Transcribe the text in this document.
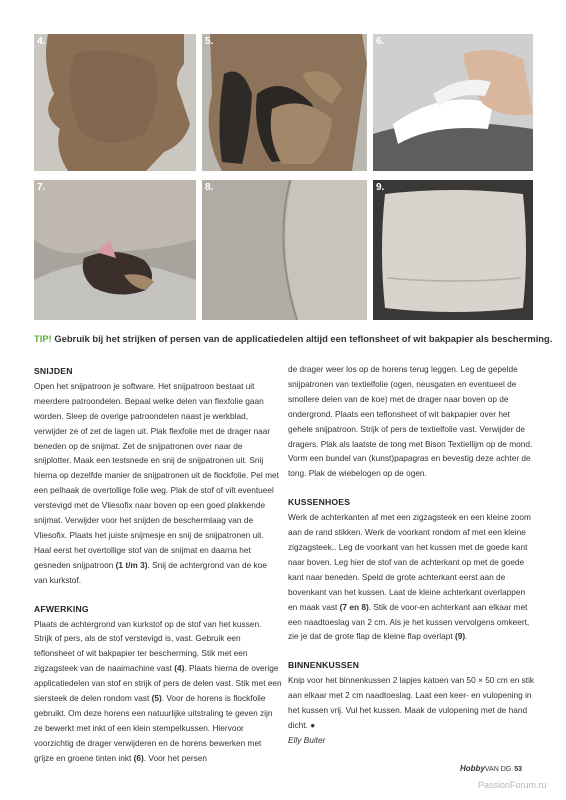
4.	5.	6.
7.	8.	9.
TIP! Gebruik bij het strijken of persen van de applicatiedelen altijd een teflonsheet of wit bakpapier als bescherming.
SNIJDEN

Open het snijpatroon je software. Het snijpatroon bestaat uit meerdere patroondelen. Bepaal welke delen van flexfolie gaan worden. Sleep de overige patroondelen naast je werkblad, verwijder ze of zet de lagen uit. Plak flexfolie met de drager naar beneden op de snijmat. Zet de snijpatronen over naar de snijplotter. Maak een testsnede en snij de snijpatronen uit. Snij hierna op dezelfde manier de snijpatronen uit de flockfolie. Pel met een pelhaak de overtollige folie weg. Plak de stof of vilt eventueel verstevigd met de Vliesofix naar boven op een goed plakkende snijmat. Verwijder voor het snijden de beschermlaag van de Vliesofix. Plaats het juiste snijmesje en snij de snijpatronen uit. Haal eerst het overtollige stof van de snijmat en daarna het gesneden snijpatroon (1 t/m 3). Snij de achtergrond van de koe van kurkstof.

AFWERKING

Plaats de achtergrond van kurkstof op de stof van het kussen. Strijk of pers, als de stof verstevigd is, vast. Gebruik een teflonsheet of wit bakpapier ter bescherming. Stik met een zigzagsteek van de naaimachine vast (4). Plaats hierna de overige applicatiedelen van stof en strijk of pers de delen vast. Stik met een siersteek de delen rondom vast (5). Voor de horens is flockfolie gebruikt. Om deze horens een natuurlijke uitstraling te geven zijn ze bewerkt met inkt of een klein stempelkussen. Hiervoor voorzichtig de drager verwijderen en de horens bewerken met grijze en groene tinten inkt (6). Voor het persen

de drager weer los op de horens terug leggen. Leg de gepelde snijpatronen van textielfolie (ogen, neusgaten en eventueel de smollere delen van de koe) met de drager naar boven op de ondergrond. Plaats een teflonsheet of wit bakpapier over het gehele snijpatroon. Strijk of pers de textielfolie vast. Verwijder de dragers. Plak als laatste de tong met Bison Textiellijm op de mond. Vorm een bundel van (kunst)papagras en bevestig deze achter de tong. Plak de wiebelogen op de ogen.

KUSSENHOES

Werk de achterkanten af met een zigzagsteek en een kleine zoom aan de rand stikken. Werk de voorkant rondom af met een kleine zigzagsteek.. Leg de voorkant van het kussen met de goede kant naar boven. Leg hier de stof van de achterkant op met de goede kant naar beneden. Speld de grote achterkant eerst aan de bovenkant van het kussen. Laat de kleine achterkant overlappen en maak vast (7 en 8). Stik de voor-en achterkant aan elkaar met een naadtoeslag van 2 cm. Als je het kussen vervolgens omkeert, zie je dat de grote flap de kleine flap overlapt (9).

BINNENKUSSEN

Knip voor het binnenkussen 2 lapjes katoen van 50 × 50 cm en stik aan elkaar met 2 cm naadtoeslag. Laat een keer- en vulopening in het kussen vrij. Vul het kussen. Maak de vulopening met de hand dicht. ●

Elly Buiter

HobbyVAN DG 53
PassionForum.ru
